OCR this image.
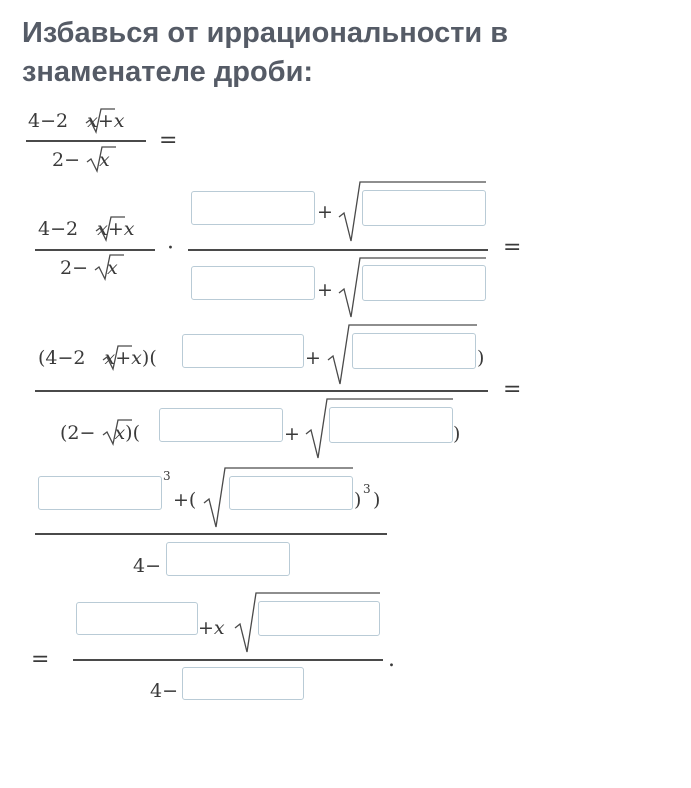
Избавься от иррациональности в знаменателе дроби:
4−2 x+x
2− x
=
4−2 x+x
2− x
·
+
+
=
(4−2 x+x)(	+	)
(2− x)(	+	)
=
3
+(	) 3 )
4−
=
+x
4−
.
